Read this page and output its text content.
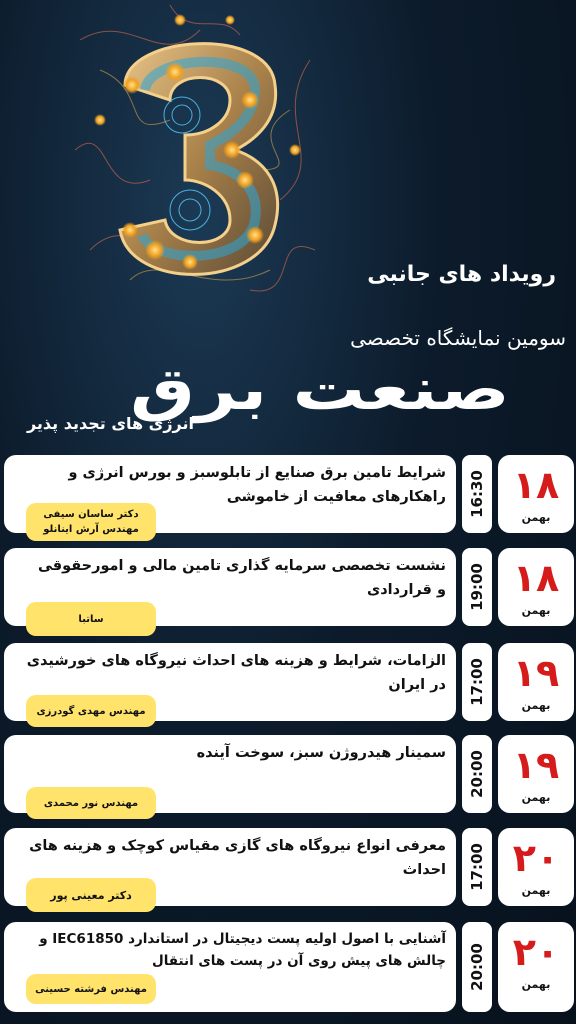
رویداد های جانبی
سومین نمایشگاه تخصصی
صنعت برق
انرژی های تجدید پذیر
شرایط تامین برق صنایع از تابلوسبز و بورس انرژی و راهکارهای معافیت از خاموشی
دکتر ساسان سیفی
مهندس آرش اینانلو
16:30 ۱۸
بهمن
نشست تخصصی سرمایه گذاری تامین مالی و امورحقوقی و قراردادی
ساتبا
19:00 ۱۸
بهمن
الزامات، شرایط و هزینه های احداث نیروگاه های خورشیدی در ایران
مهندس مهدی گودرزی
17:00 ۱۹
بهمن
سمینار هیدروژن سبز، سوخت آینده
مهندس نور محمدی
20:00 ۱۹
بهمن
معرفی انواع نیروگاه های گازی مقیاس کوچک و هزینه های احداث
دکتر معینی پور
17:00 ۲۰
بهمن
آشنایی با اصول اولیه پست دیجیتال در استاندارد IEC61850 و چالش های پیش روی آن در پست های انتقال
مهندس فرشته حسینی	20:00 ۲۰
بهمن
